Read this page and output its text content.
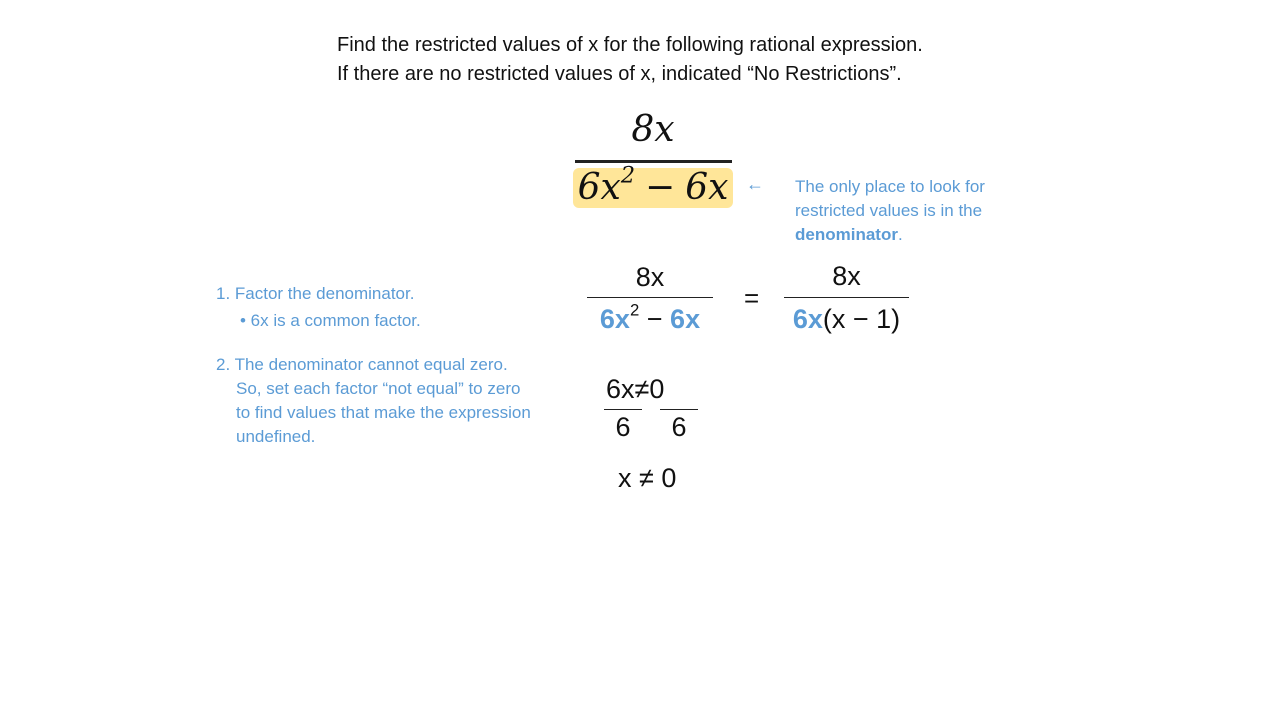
Find the restricted values of x for the following rational expression.
If there are no restricted values of x, indicated “No Restrictions”.
8x
$6x^2 - 6x$ ← The only place to look for restricted values is in the denominator.
1. Factor the denominator.
• 6x is a common factor.
2. The denominator cannot equal zero. So, set each factor “not equal” to zero to find values that make the expression undefined.
8x
$6x^2 - 6x$
=
8x
6x(x − 1)
6x≠0
6	6
x ≠ 0
